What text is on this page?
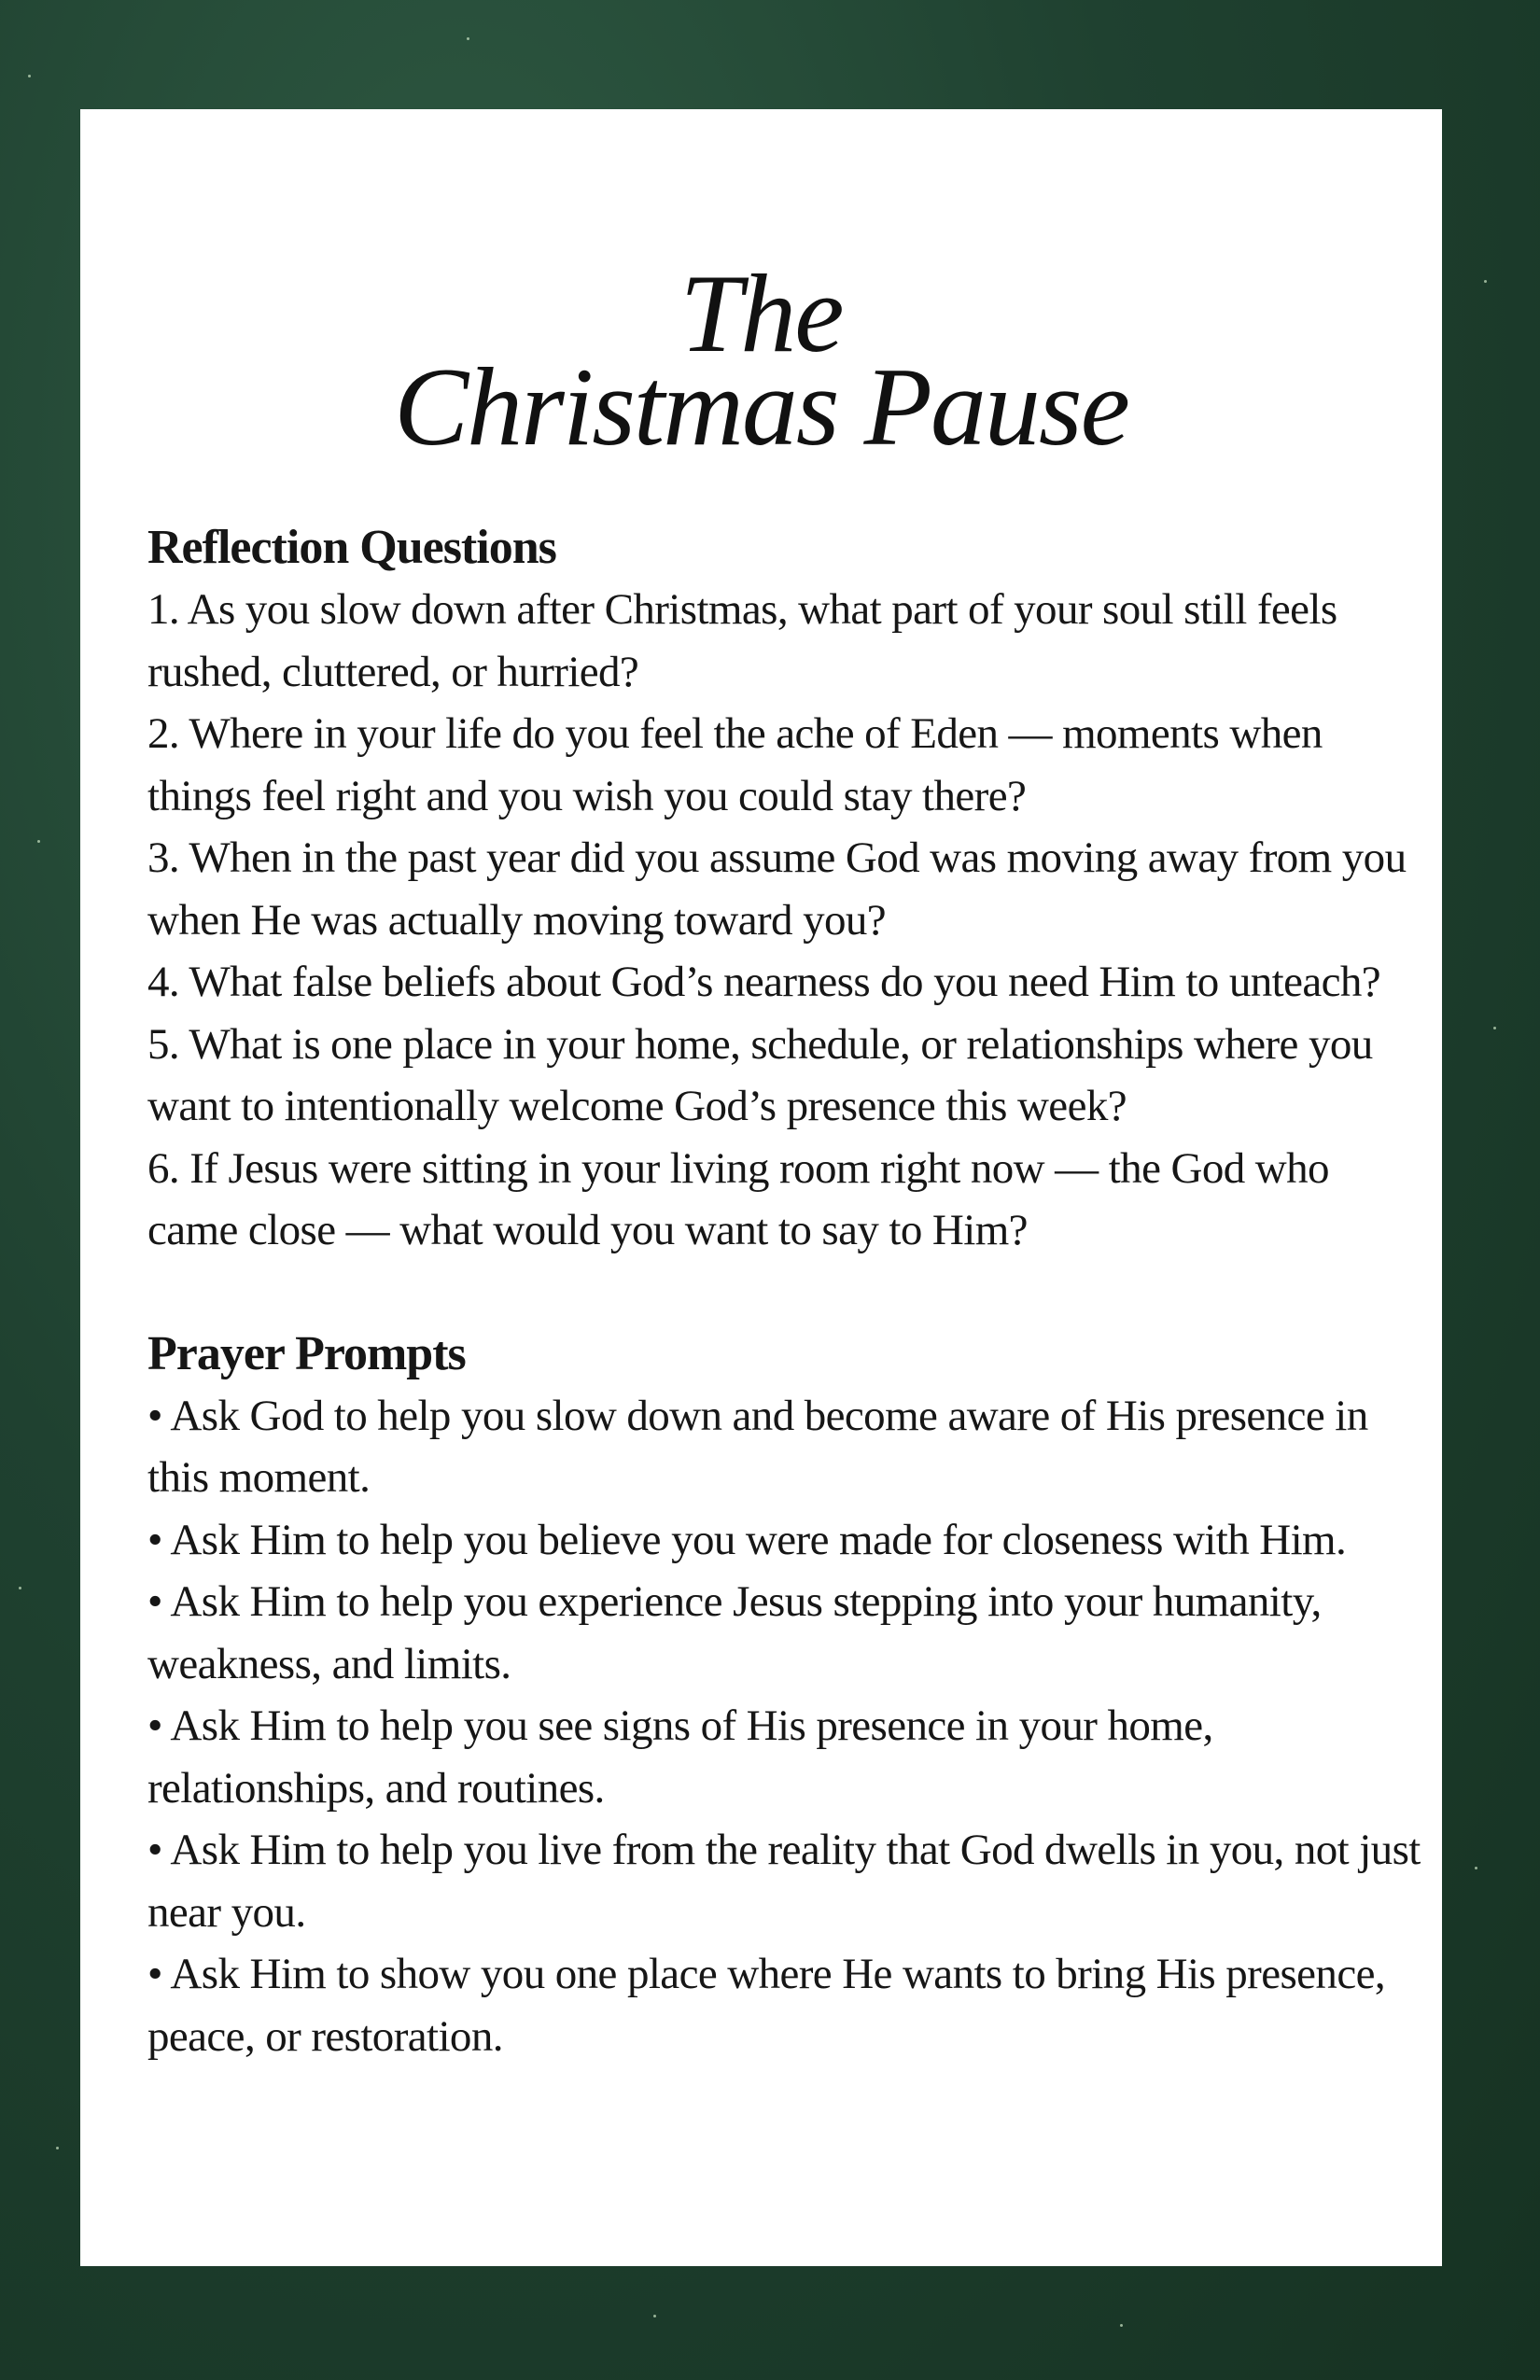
The
Christmas Pause
Reflection Questions

1. As you slow down after Christmas, what part of your soul still feels rushed, cluttered, or hurried?

2. Where in your life do you feel the ache of Eden — moments when things feel right and you wish you could stay there?

3. When in the past year did you assume God was moving away from you when He was actually moving toward you?

4. What false beliefs about God’s nearness do you need Him to unteach?

5. What is one place in your home, schedule, or relationships where you want to intentionally welcome God’s presence this week?

6. If Jesus were sitting in your living room right now — the God who came close — what would you want to say to Him?

Prayer Prompts

• Ask God to help you slow down and become aware of His presence in this moment.

• Ask Him to help you believe you were made for closeness with Him.

• Ask Him to help you experience Jesus stepping into your humanity, weakness, and limits.

• Ask Him to help you see signs of His presence in your home, relationships, and routines.

• Ask Him to help you live from the reality that God dwells in you, not just near you.

• Ask Him to show you one place where He wants to bring His presence, peace, or restoration.
